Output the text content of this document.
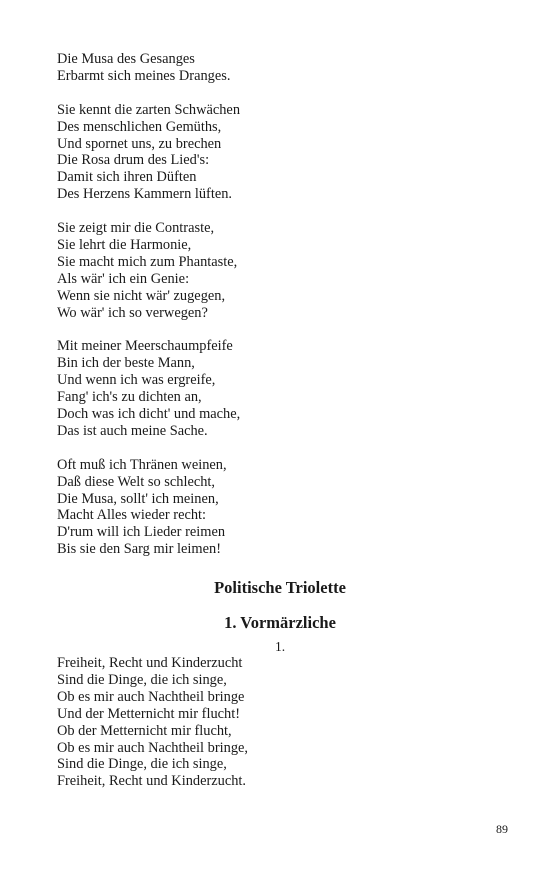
Die Musa des Gesanges
Erbarmt sich meines Dranges.
Sie kennt die zarten Schwächen
Des menschlichen Gemüths,
Und spornet uns, zu brechen
Die Rosa drum des Lied's:
Damit sich ihren Düften
Des Herzens Kammern lüften.
Sie zeigt mir die Contraste,
Sie lehrt die Harmonie,
Sie macht mich zum Phantaste,
Als wär' ich ein Genie:
Wenn sie nicht wär' zugegen,
Wo wär' ich so verwegen?
Mit meiner Meerschaumpfeife
Bin ich der beste Mann,
Und wenn ich was ergreife,
Fang' ich's zu dichten an,
Doch was ich dicht' und mache,
Das ist auch meine Sache.
Oft muß ich Thränen weinen,
Daß diese Welt so schlecht,
Die Musa, sollt' ich meinen,
Macht Alles wieder recht:
D'rum will ich Lieder reimen
Bis sie den Sarg mir leimen!
Politische Triolette
1. Vormärzliche
1.
Freiheit, Recht und Kinderzucht
Sind die Dinge, die ich singe,
Ob es mir auch Nachtheil bringe
Und der Metternicht mir flucht!
Ob der Metternicht mir flucht,
Ob es mir auch Nachtheil bringe,
Sind die Dinge, die ich singe,
Freiheit, Recht und Kinderzucht.
89
